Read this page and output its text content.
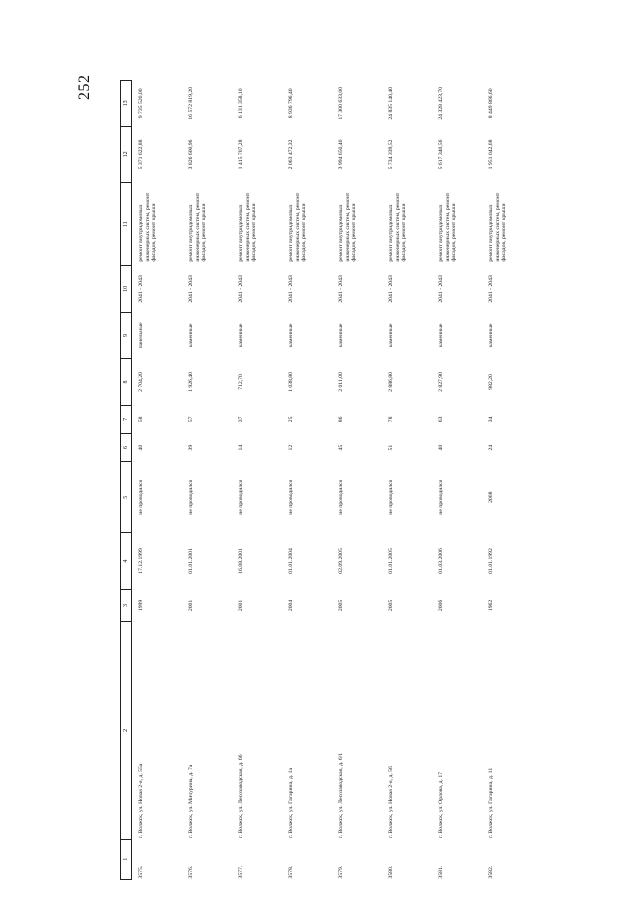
252
1	2	3	4	5	6	7	8	9	10	11	12	13
3575.	г. Волжск, ул. Новая 2-я, д. 55а	1999	17.12.1999	не проводился	40	58	2 704,20	панельные	2041 - 2043	ремонт внутридомовых инженерных систем, ремонт фасадов, ремонт крыши	5 371 622,88	9 735 520,00
3576.	г. Волжск, ул. Мичурина, д. 7а	2001	01.01.2001	не проводился	39	57	1 926,40	каменные	2041 - 2043	ремонт внутридомовых инженерных систем, ремонт фасадов, ремонт крыши	3 826 600,96	16 572 819,20
3577.	г. Волжск, ул. Лесозаводская, д. 66	2001	16.08.2001	не проводился	14	37	712,70	каменные	2041 - 2043	ремонт внутридомовых инженерных систем, ремонт фасадов, ремонт крыши	1 415 707,28	6 131 358,10
3578.	г. Волжск, ул. Гагарина, д. 1а	2004	01.01.2004	не проводился	12	25	1 038,80	каменные	2041 - 2043	ремонт внутридомовых инженерных систем, ремонт фасадов, ремонт крыши	2 063 472,32	8 936 796,40
3579.	г. Волжск, ул. Лесозаводская, д. 6/1	2005	02.09.2005	не проводился	45	86	2 011,00	каменные	2041 - 2043	ремонт внутридомовых инженерных систем, ремонт фасадов, ремонт крыши	3 994 650,40	17 300 633,00
3580.	г. Волжск, ул. Новая 2-я, д. 56	2005	01.01.2005	не проводился	51	78	2 886,80	каменные	2041 - 2043	ремонт внутридомовых инженерных систем, ремонт фасадов, ремонт крыши	5 734 339,52	24 835 140,40
3581.	г. Волжск, ул. Орлова, д. 17	2006	01.03.2006	не проводился	40	63	2 827,90	каменные	2041 - 2043	ремонт внутридомовых инженерных систем, ремонт фасадов, ремонт крыши	5 617 340,56	24 328 423,70
3582.	г. Волжск, ул. Гагарина, д. 11	1962	01.01.1992	2008	24	34	982,20	каменные	2041 - 2043	ремонт внутридомовых инженерных систем, ремонт фасадов, ремонт крыши	1 951 042,08	8 449 866,60
